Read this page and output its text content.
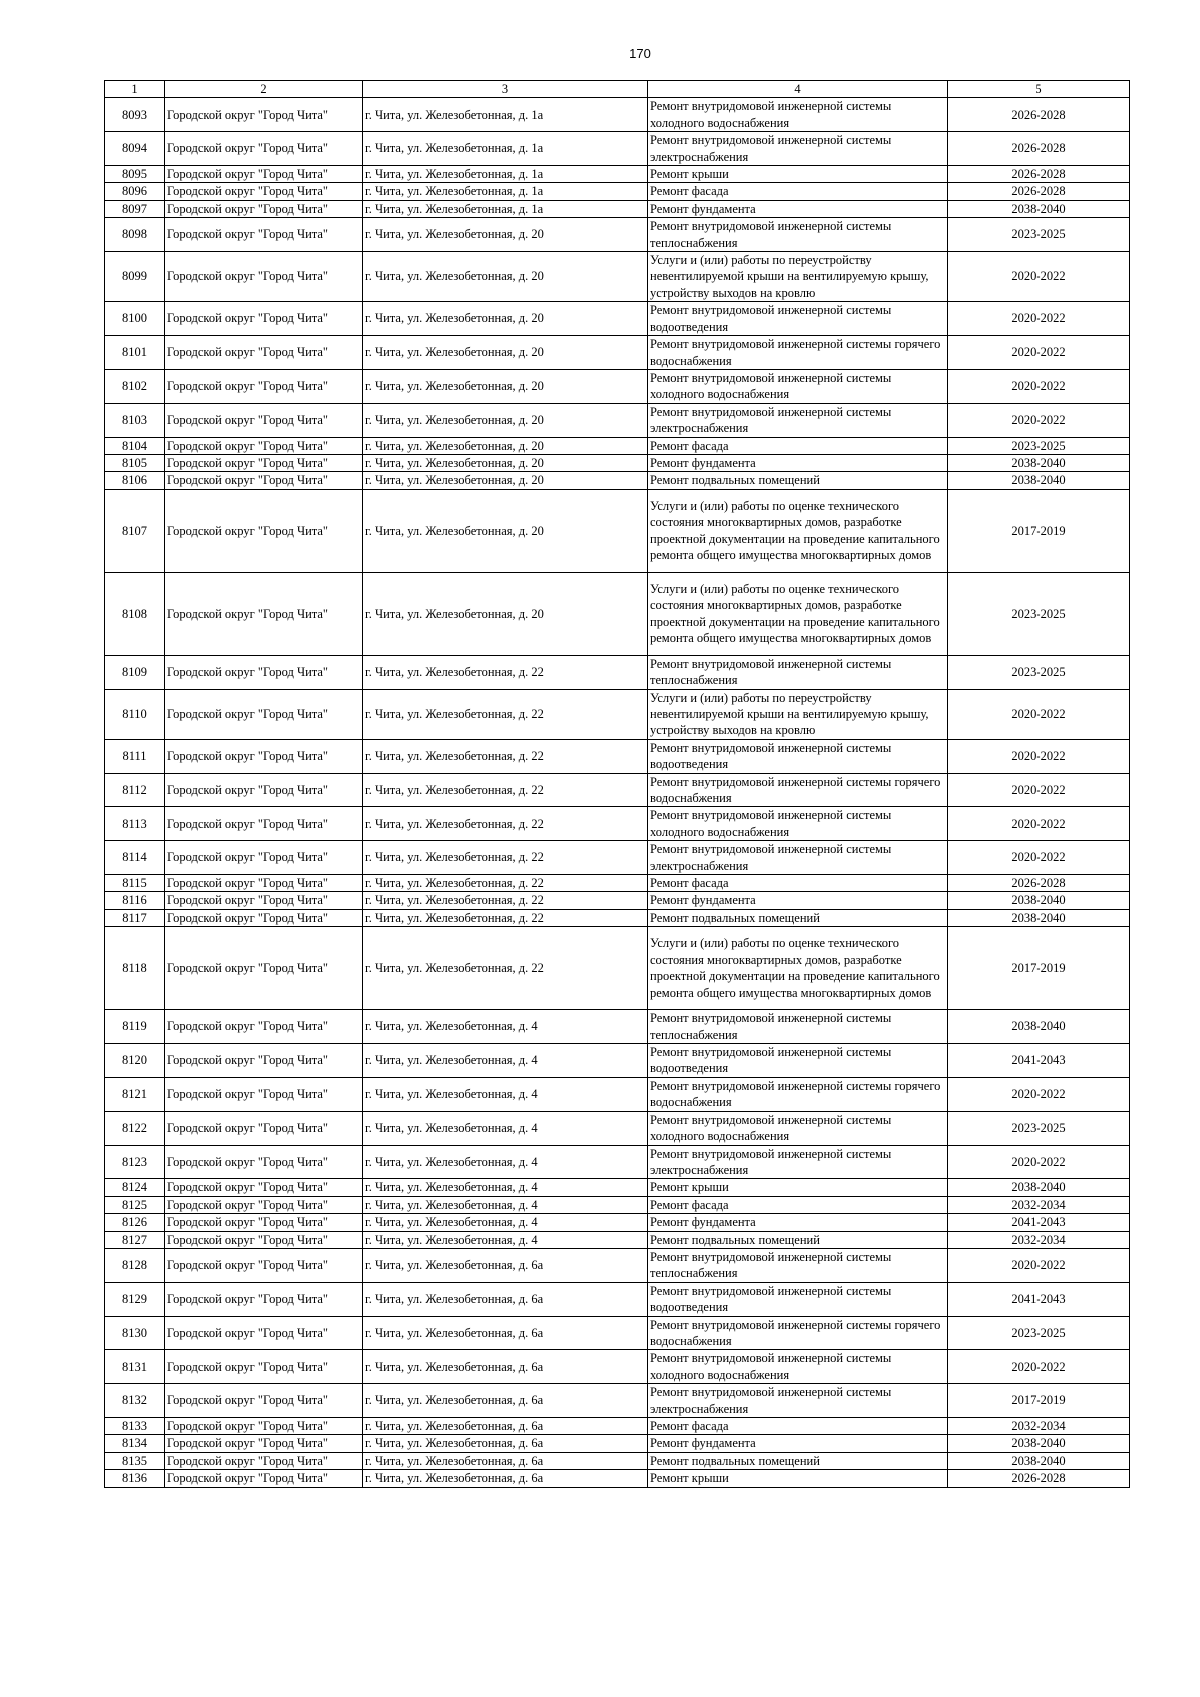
170
1	2	3	4	5
8093	Городской округ "Город Чита"	г. Чита, ул. Железобетонная, д. 1а	Ремонт внутридомовой инженерной системы холодного водоснабжения	2026-2028
8094	Городской округ "Город Чита"	г. Чита, ул. Железобетонная, д. 1а	Ремонт внутридомовой инженерной системы электроснабжения	2026-2028
8095	Городской округ "Город Чита"	г. Чита, ул. Железобетонная, д. 1а	Ремонт крыши	2026-2028
8096	Городской округ "Город Чита"	г. Чита, ул. Железобетонная, д. 1а	Ремонт фасада	2026-2028
8097	Городской округ "Город Чита"	г. Чита, ул. Железобетонная, д. 1а	Ремонт фундамента	2038-2040
8098	Городской округ "Город Чита"	г. Чита, ул. Железобетонная, д. 20	Ремонт внутридомовой инженерной системы теплоснабжения	2023-2025
8099	Городской округ "Город Чита"	г. Чита, ул. Железобетонная, д. 20	Услуги и (или) работы по переустройству невентилируемой крыши на вентилируемую крышу, устройству выходов на кровлю	2020-2022
8100	Городской округ "Город Чита"	г. Чита, ул. Железобетонная, д. 20	Ремонт внутридомовой инженерной системы водоотведения	2020-2022
8101	Городской округ "Город Чита"	г. Чита, ул. Железобетонная, д. 20	Ремонт внутридомовой инженерной системы горячего водоснабжения	2020-2022
8102	Городской округ "Город Чита"	г. Чита, ул. Железобетонная, д. 20	Ремонт внутридомовой инженерной системы холодного водоснабжения	2020-2022
8103	Городской округ "Город Чита"	г. Чита, ул. Железобетонная, д. 20	Ремонт внутридомовой инженерной системы электроснабжения	2020-2022
8104	Городской округ "Город Чита"	г. Чита, ул. Железобетонная, д. 20	Ремонт фасада	2023-2025
8105	Городской округ "Город Чита"	г. Чита, ул. Железобетонная, д. 20	Ремонт фундамента	2038-2040
8106	Городской округ "Город Чита"	г. Чита, ул. Железобетонная, д. 20	Ремонт подвальных помещений	2038-2040
8107	Городской округ "Город Чита"	г. Чита, ул. Железобетонная, д. 20	Услуги и (или) работы по оценке технического состояния многоквартирных домов, разработке проектной документации на проведение капитального ремонта общего имущества многоквартирных домов	2017-2019
8108	Городской округ "Город Чита"	г. Чита, ул. Железобетонная, д. 20	Услуги и (или) работы по оценке технического состояния многоквартирных домов, разработке проектной документации на проведение капитального ремонта общего имущества многоквартирных домов	2023-2025
8109	Городской округ "Город Чита"	г. Чита, ул. Железобетонная, д. 22	Ремонт внутридомовой инженерной системы теплоснабжения	2023-2025
8110	Городской округ "Город Чита"	г. Чита, ул. Железобетонная, д. 22	Услуги и (или) работы по переустройству невентилируемой крыши на вентилируемую крышу, устройству выходов на кровлю	2020-2022
8111	Городской округ "Город Чита"	г. Чита, ул. Железобетонная, д. 22	Ремонт внутридомовой инженерной системы водоотведения	2020-2022
8112	Городской округ "Город Чита"	г. Чита, ул. Железобетонная, д. 22	Ремонт внутридомовой инженерной системы горячего водоснабжения	2020-2022
8113	Городской округ "Город Чита"	г. Чита, ул. Железобетонная, д. 22	Ремонт внутридомовой инженерной системы холодного водоснабжения	2020-2022
8114	Городской округ "Город Чита"	г. Чита, ул. Железобетонная, д. 22	Ремонт внутридомовой инженерной системы электроснабжения	2020-2022
8115	Городской округ "Город Чита"	г. Чита, ул. Железобетонная, д. 22	Ремонт фасада	2026-2028
8116	Городской округ "Город Чита"	г. Чита, ул. Железобетонная, д. 22	Ремонт фундамента	2038-2040
8117	Городской округ "Город Чита"	г. Чита, ул. Железобетонная, д. 22	Ремонт подвальных помещений	2038-2040
8118	Городской округ "Город Чита"	г. Чита, ул. Железобетонная, д. 22	Услуги и (или) работы по оценке технического состояния многоквартирных домов, разработке проектной документации на проведение капитального ремонта общего имущества многоквартирных домов	2017-2019
8119	Городской округ "Город Чита"	г. Чита, ул. Железобетонная, д. 4	Ремонт внутридомовой инженерной системы теплоснабжения	2038-2040
8120	Городской округ "Город Чита"	г. Чита, ул. Железобетонная, д. 4	Ремонт внутридомовой инженерной системы водоотведения	2041-2043
8121	Городской округ "Город Чита"	г. Чита, ул. Железобетонная, д. 4	Ремонт внутридомовой инженерной системы горячего водоснабжения	2020-2022
8122	Городской округ "Город Чита"	г. Чита, ул. Железобетонная, д. 4	Ремонт внутридомовой инженерной системы холодного водоснабжения	2023-2025
8123	Городской округ "Город Чита"	г. Чита, ул. Железобетонная, д. 4	Ремонт внутридомовой инженерной системы электроснабжения	2020-2022
8124	Городской округ "Город Чита"	г. Чита, ул. Железобетонная, д. 4	Ремонт крыши	2038-2040
8125	Городской округ "Город Чита"	г. Чита, ул. Железобетонная, д. 4	Ремонт фасада	2032-2034
8126	Городской округ "Город Чита"	г. Чита, ул. Железобетонная, д. 4	Ремонт фундамента	2041-2043
8127	Городской округ "Город Чита"	г. Чита, ул. Железобетонная, д. 4	Ремонт подвальных помещений	2032-2034
8128	Городской округ "Город Чита"	г. Чита, ул. Железобетонная, д. 6а	Ремонт внутридомовой инженерной системы теплоснабжения	2020-2022
8129	Городской округ "Город Чита"	г. Чита, ул. Железобетонная, д. 6а	Ремонт внутридомовой инженерной системы водоотведения	2041-2043
8130	Городской округ "Город Чита"	г. Чита, ул. Железобетонная, д. 6а	Ремонт внутридомовой инженерной системы горячего водоснабжения	2023-2025
8131	Городской округ "Город Чита"	г. Чита, ул. Железобетонная, д. 6а	Ремонт внутридомовой инженерной системы холодного водоснабжения	2020-2022
8132	Городской округ "Город Чита"	г. Чита, ул. Железобетонная, д. 6а	Ремонт внутридомовой инженерной системы электроснабжения	2017-2019
8133	Городской округ "Город Чита"	г. Чита, ул. Железобетонная, д. 6а	Ремонт фасада	2032-2034
8134	Городской округ "Город Чита"	г. Чита, ул. Железобетонная, д. 6а	Ремонт фундамента	2038-2040
8135	Городской округ "Город Чита"	г. Чита, ул. Железобетонная, д. 6а	Ремонт подвальных помещений	2038-2040
8136	Городской округ "Город Чита"	г. Чита, ул. Железобетонная, д. 6а	Ремонт крыши	2026-2028
